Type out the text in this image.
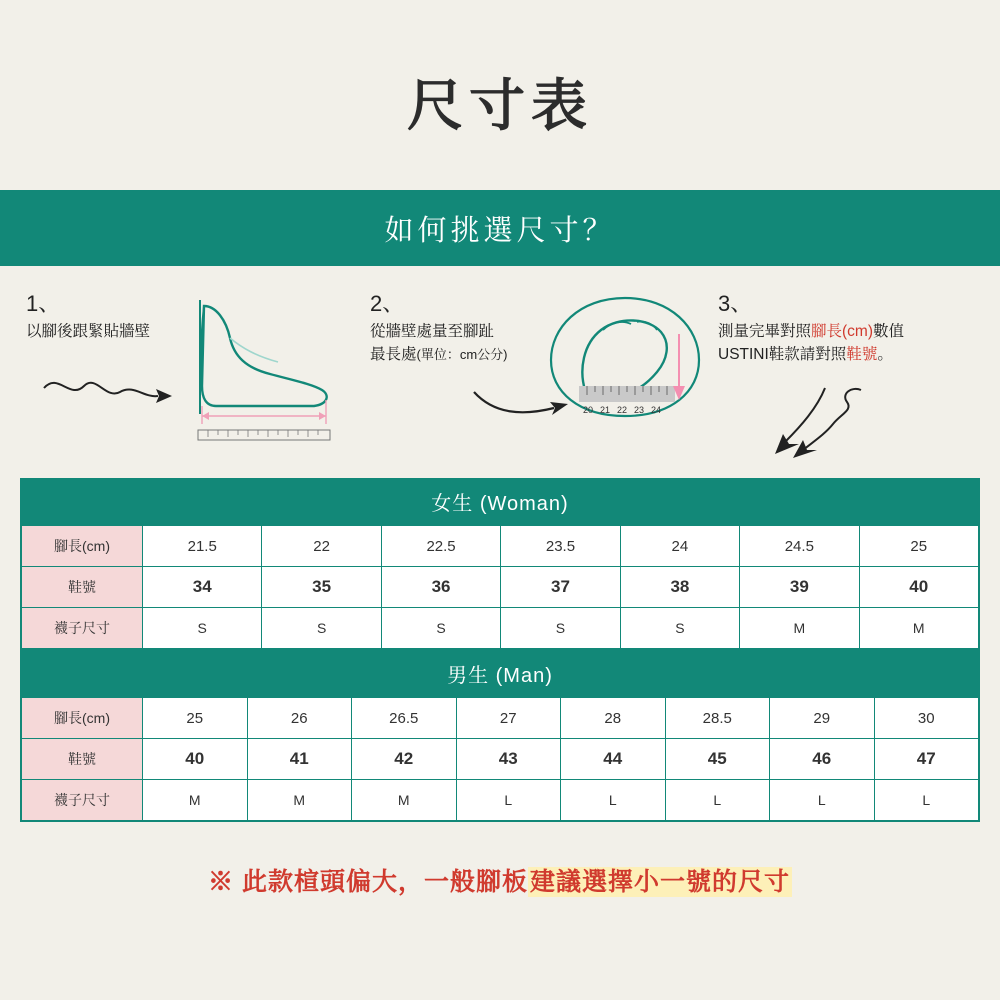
尺寸表
如何挑選尺寸？
1、
以腳後跟緊貼牆壁
2、
從牆壁處量至腳趾
最長處(單位：cm公分)
20 21 22 23 24
3、
測量完畢對照腳長(cm)數值
USTINI鞋款請對照鞋號。
女生 (Woman)
腳長(cm)	21.5	22	22.5	23.5	24	24.5	25
鞋號	34	35	36	37	38	39	40
襪子尺寸	S	S	S	S	S	M	M
男生 (Man)
腳長(cm)	25	26	26.5	27	28	28.5	29	30
鞋號	40	41	42	43	44	45	46	47
襪子尺寸	M	M	M	L	L	L	L	L
※ 此款楦頭偏大，一般腳板建議選擇小一號的尺寸
